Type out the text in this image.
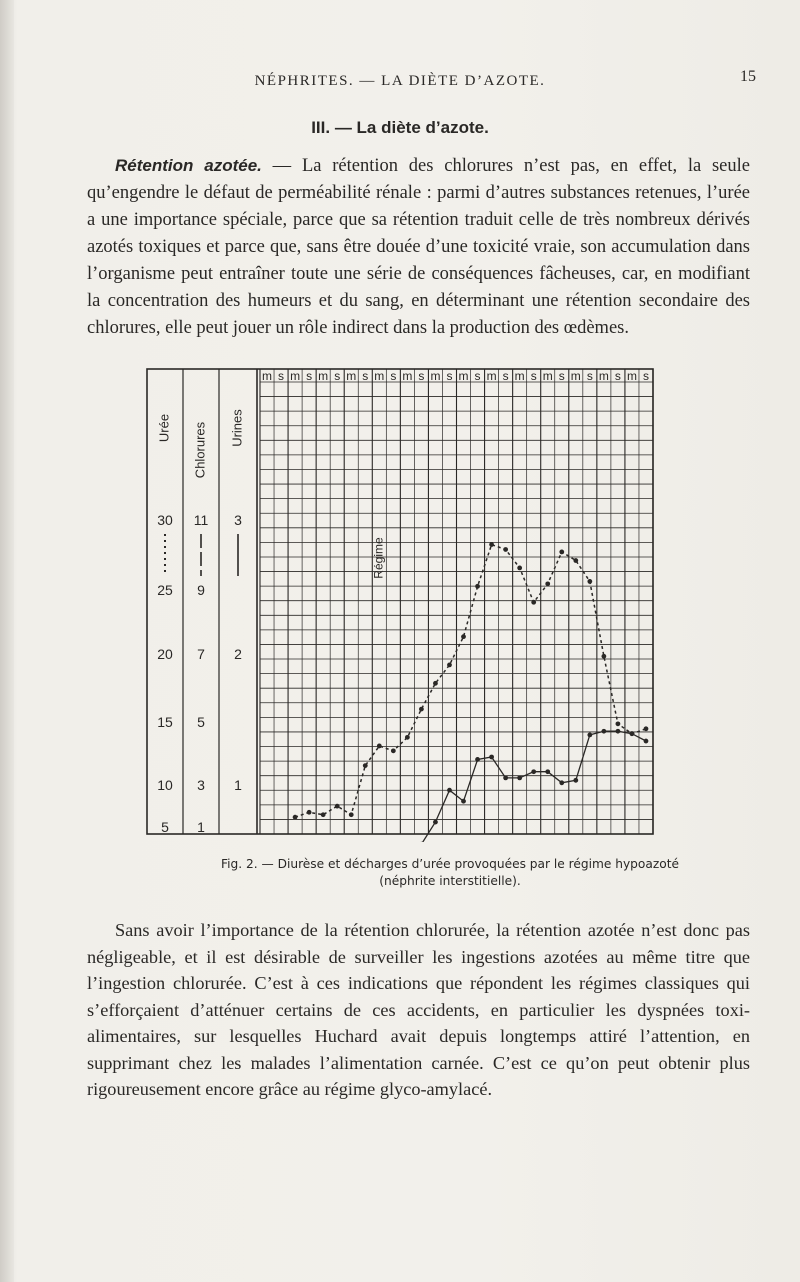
NÉPHRITES. — LA DIÈTE D’AZOTE.	15
III. — La diète d’azote.

Rétention azotée. — La rétention des chlorures n’est pas, en effet, la seule qu’engendre le défaut de perméabilité rénale : parmi d’autres substances retenues, l’urée a une importance spéciale, parce que sa rétention traduit celle de très nombreux dérivés azotés toxiques et parce que, sans être douée d’une toxicité vraie, son accumulation dans l’organisme peut entraîner toute une série de conséquences fâcheuses, car, en modifiant la concentration des humeurs et du sang, en déterminant une rétention secondaire des chlorures, elle peut jouer un rôle indirect dans la production des œdèmes.

m s m s m s m s m s m s m s m s m s m s m s m s m s m s
Urée Chlorures Urines
30
25
20
15
10
5
11
9
7
5
3
1
3
2
1
Régime
Fig. 2. — Diurèse et décharges d’urée provoquées par le régime hypoazoté
(néphrite interstitielle).

Sans avoir l’importance de la rétention chlorurée, la rétention azotée n’est donc pas négligeable, et il est désirable de surveiller les ingestions azotées au même titre que l’ingestion chlorurée. C’est à ces indications que répondent les régimes classiques qui s’efforçaient d’atténuer certains de ces accidents, en particulier les dyspnées toxi-alimentaires, sur lesquelles Huchard avait depuis longtemps attiré l’attention, en supprimant chez les malades l’alimentation carnée. C’est ce qu’on peut obtenir plus rigoureusement encore grâce au régime glyco-amylacé.
